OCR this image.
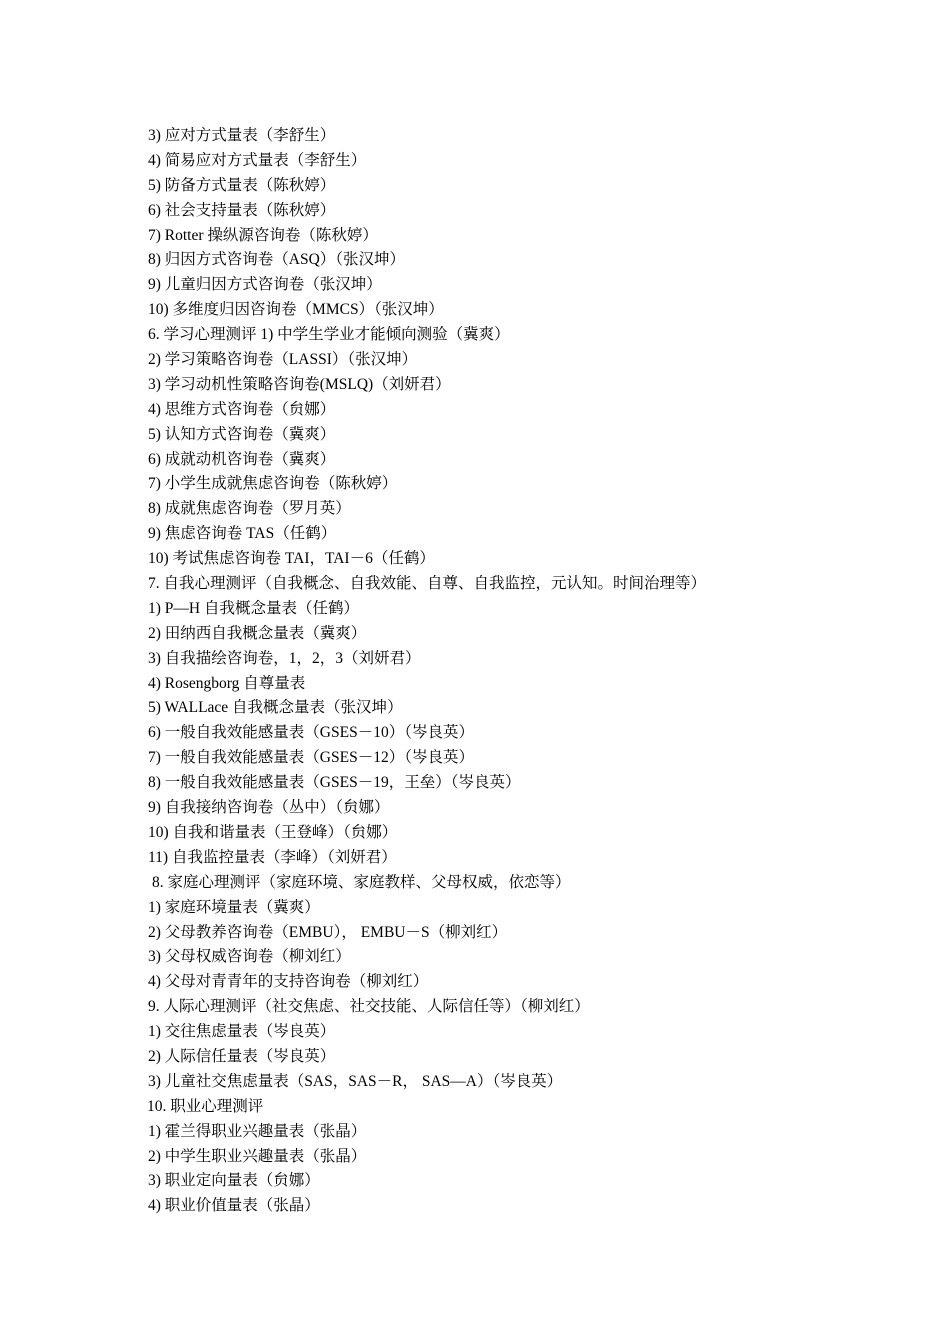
3) 应对方式量表（李舒生）
4) 简易应对方式量表（李舒生）
5) 防备方式量表（陈秋婷）
6) 社会支持量表（陈秋婷）
7) Rotter 操纵源咨询卷（陈秋婷）
8) 归因方式咨询卷（ASQ）（张汉坤）
9) 儿童归因方式咨询卷（张汉坤）
10) 多维度归因咨询卷（MMCS）（张汉坤）
6. 学习心理测评 1) 中学生学业才能倾向测验（冀爽）
2) 学习策略咨询卷（LASSI）（张汉坤）
3) 学习动机性策略咨询卷(MSLQ)（刘妍君）
4) 思维方式咨询卷（贠娜）
5) 认知方式咨询卷（冀爽）
6) 成就动机咨询卷（冀爽）
7) 小学生成就焦虑咨询卷（陈秋婷）
8) 成就焦虑咨询卷（罗月英）
9) 焦虑咨询卷 TAS（任鹤）
10) 考试焦虑咨询卷 TAI，TAI－6（任鹤）
7. 自我心理测评（自我概念、自我效能、自尊、自我监控，元认知。时间治理等）
1) P—H 自我概念量表（任鹤）
2) 田纳西自我概念量表（冀爽）
3) 自我描绘咨询卷，1，2，3（刘妍君）
4) Rosengborg 自尊量表
5) WALLace 自我概念量表（张汉坤）
6) 一般自我效能感量表（GSES－10）（岑良英）
7) 一般自我效能感量表（GSES－12）（岑良英）
8) 一般自我效能感量表（GSES－19，王垒）（岑良英）
9) 自我接纳咨询卷（丛中）（贠娜）
10) 自我和谐量表（王登峰）（贠娜）
11) 自我监控量表（李峰）（刘妍君）
8. 家庭心理测评（家庭环境、家庭教样、父母权威，依恋等）
1) 家庭环境量表（冀爽）
2) 父母教养咨询卷（EMBU）， EMBU－S（柳刘红）
3) 父母权威咨询卷（柳刘红）
4) 父母对青青年的支持咨询卷（柳刘红）
9. 人际心理测评（社交焦虑、社交技能、人际信任等）（柳刘红）
1) 交往焦虑量表（岑良英）
2) 人际信任量表（岑良英）
3) 儿童社交焦虑量表（SAS，SAS－R， SAS—A）（岑良英）
10. 职业心理测评
1) 霍兰得职业兴趣量表（张晶）
2) 中学生职业兴趣量表（张晶）
3) 职业定向量表（贠娜）
4) 职业价值量表（张晶）
